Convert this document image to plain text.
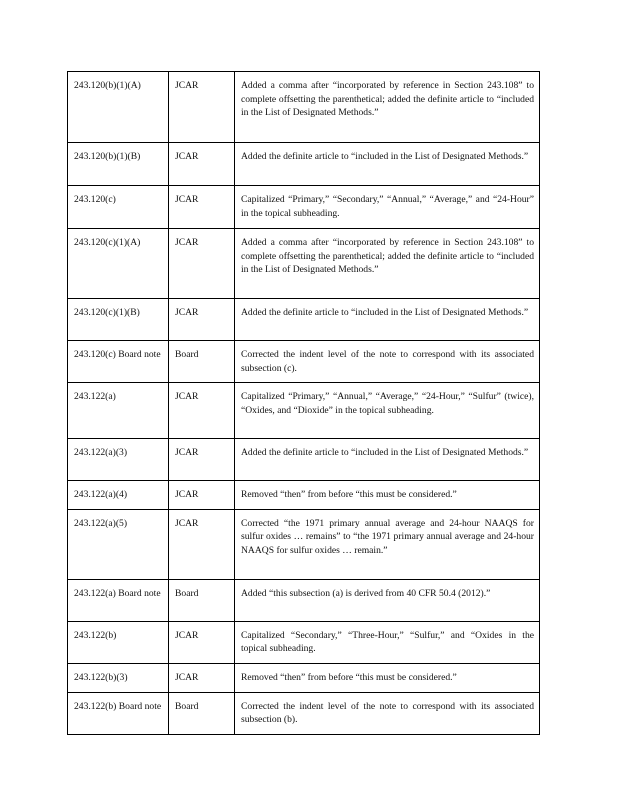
243.120(b)(1)(A)	JCAR	Added a comma after “incorporated by reference in Section 243.108” to complete offsetting the parenthetical; added the definite article to “included in the List of Designated Methods.”
243.120(b)(1)(B)	JCAR	Added the definite article to “included in the List of Designated Methods.”
243.120(c)	JCAR	Capitalized “Primary,” “Secondary,” “Annual,” “Average,” and “24-Hour” in the topical subheading.
243.120(c)(1)(A)	JCAR	Added a comma after “incorporated by reference in Section 243.108” to complete offsetting the parenthetical; added the definite article to “included in the List of Designated Methods.”
243.120(c)(1)(B)	JCAR	Added the definite article to “included in the List of Designated Methods.”
243.120(c) Board note	Board	Corrected the indent level of the note to correspond with its associated subsection (c).
243.122(a)	JCAR	Capitalized “Primary,” “Annual,” “Average,” “24-Hour,” “Sulfur” (twice), “Oxides, and “Dioxide” in the topical subheading.
243.122(a)(3)	JCAR	Added the definite article to “included in the List of Designated Methods.”
243.122(a)(4)	JCAR	Removed “then” from before “this must be considered.”
243.122(a)(5)	JCAR	Corrected “the 1971 primary annual average and 24-hour NAAQS for sulfur oxides … remains” to “the 1971 primary annual average and 24-hour NAAQS for sulfur oxides … remain.”
243.122(a) Board note	Board	Added “this subsection (a) is derived from 40 CFR 50.4 (2012).”
243.122(b)	JCAR	Capitalized “Secondary,” “Three-Hour,” “Sulfur,” and “Oxides in the topical subheading.
243.122(b)(3)	JCAR	Removed “then” from before “this must be considered.”
243.122(b) Board note	Board	Corrected the indent level of the note to correspond with its associated subsection (b).
